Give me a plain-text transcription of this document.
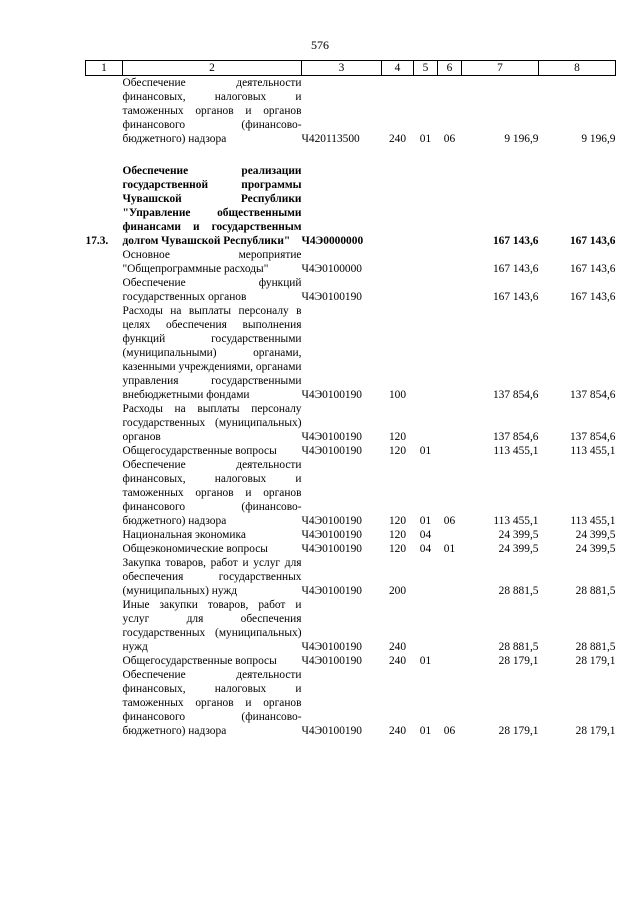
576
1	2	3	4	5	6	7	8
	Обеспечение деятельности финансовых, налоговых и таможенных органов и органов финансового (финансово-бюджетного) надзора	Ч420113500	240	01	06	9 196,9	9 196,9
17.3.	Обеспечение реализации государственной программы Чувашской Республики "Управление общественными финансами и государственным долгом Чувашской Республики"	Ч4Э0000000				167 143,6	167 143,6
	Основное мероприятие "Общепрограммные расходы"	Ч4Э0100000				167 143,6	167 143,6
	Обеспечение функций государственных органов	Ч4Э0100190				167 143,6	167 143,6
	Расходы на выплаты персоналу в целях обеспечения выполнения функций государственными (муниципальными) органами, казенными учреждениями, органами управления государственными внебюджетными фондами	Ч4Э0100190	100			137 854,6	137 854,6
	Расходы на выплаты персоналу государственных (муниципальных) органов	Ч4Э0100190	120			137 854,6	137 854,6
	Общегосударственные вопросы	Ч4Э0100190	120	01		113 455,1	113 455,1
	Обеспечение деятельности финансовых, налоговых и таможенных органов и органов финансового (финансово-бюджетного) надзора	Ч4Э0100190	120	01	06	113 455,1	113 455,1
	Национальная экономика	Ч4Э0100190	120	04		24 399,5	24 399,5
	Общеэкономические вопросы	Ч4Э0100190	120	04	01	24 399,5	24 399,5
	Закупка товаров, работ и услуг для обеспечения государственных (муниципальных) нужд	Ч4Э0100190	200			28 881,5	28 881,5
	Иные закупки товаров, работ и услуг для обеспечения государственных (муниципальных) нужд	Ч4Э0100190	240			28 881,5	28 881,5
	Общегосударственные вопросы	Ч4Э0100190	240	01		28 179,1	28 179,1
	Обеспечение деятельности финансовых, налоговых и таможенных органов и органов финансового (финансово-бюджетного) надзора	Ч4Э0100190	240	01	06	28 179,1	28 179,1
